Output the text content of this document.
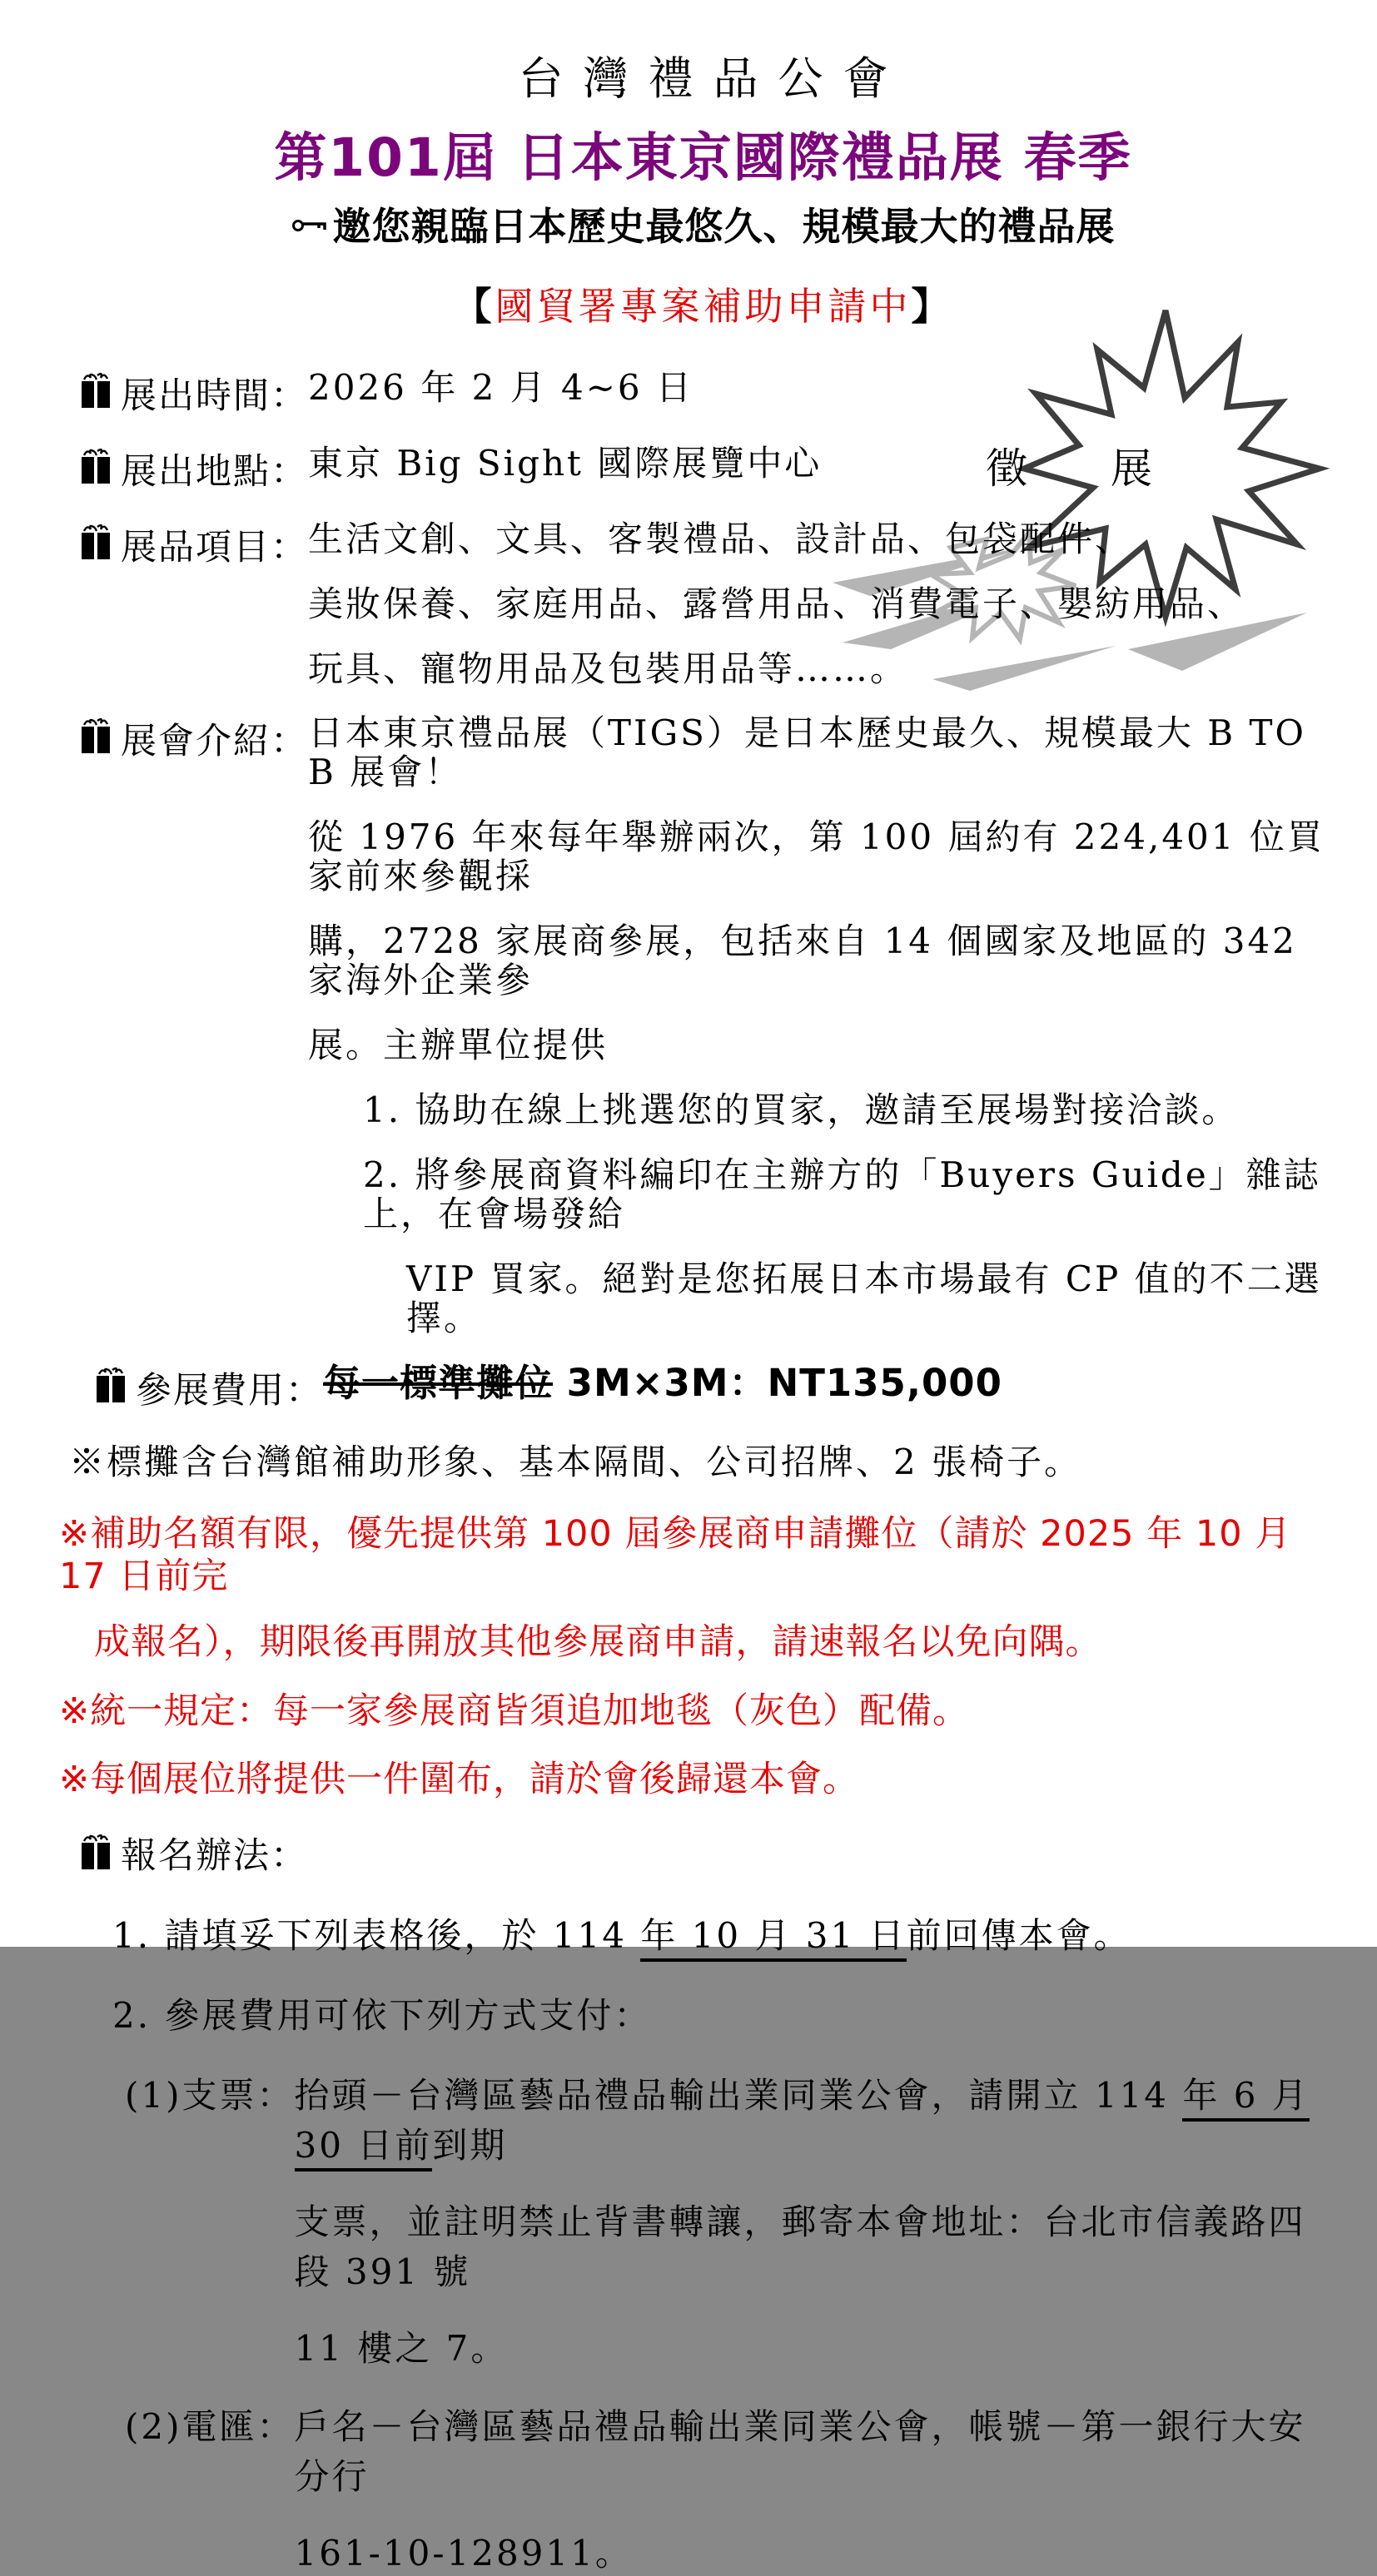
徵 展
台灣禮品公會
第101屆 日本東京國際禮品展 春季
邀您親臨日本歷史最悠久、規模最大的禮品展
【國貿署專案補助申請中】
展出時間： 2026 年 2 月 4~6 日
展出地點： 東京 Big Sight 國際展覽中心
展品項目： 生活文創、文具、客製禮品、設計品、包袋配件、
美妝保養、家庭用品、露營用品、消費電子、嬰紡用品、
玩具、寵物用品及包裝用品等……。
展會介紹： 日本東京禮品展（TIGS）是日本歷史最久、規模最大 B TO B 展會！
從 1976 年來每年舉辦兩次，第 100 屆約有 224,401 位買家前來參觀採
購，2728 家展商參展，包括來自 14 個國家及地區的 342 家海外企業參
展。主辦單位提供
1. 協助在線上挑選您的買家，邀請至展場對接洽談。
2. 將參展商資料編印在主辦方的「Buyers Guide」雜誌上，在會場發給
VIP 買家。絕對是您拓展日本市場最有 CP 值的不二選擇。
參展費用： 每一標準攤位 3M×3M：NT135,000
※標攤含台灣館補助形象、基本隔間、公司招牌、2 張椅子。
※補助名額有限，優先提供第 100 屆參展商申請攤位（請於 2025 年 10 月 17 日前完
成報名），期限後再開放其他參展商申請，請速報名以免向隅。
※統一規定：每一家參展商皆須追加地毯（灰色）配備。
※每個展位將提供一件圍布，請於會後歸還本會。
報名辦法：
1. 請填妥下列表格後，於 114 年 10 月 31 日前回傳本會。
2. 參展費用可依下列方式支付：
(1)支票： 抬頭－台灣區藝品禮品輸出業同業公會，請開立 114 年 6 月 30 日前到期
支票，並註明禁止背書轉讓，郵寄本會地址：台北市信義路四段 391 號
11 樓之 7。
(2)電匯： 戶名－台灣區藝品禮品輸出業同業公會，帳號－第一銀行大安分行
161-10-128911。
